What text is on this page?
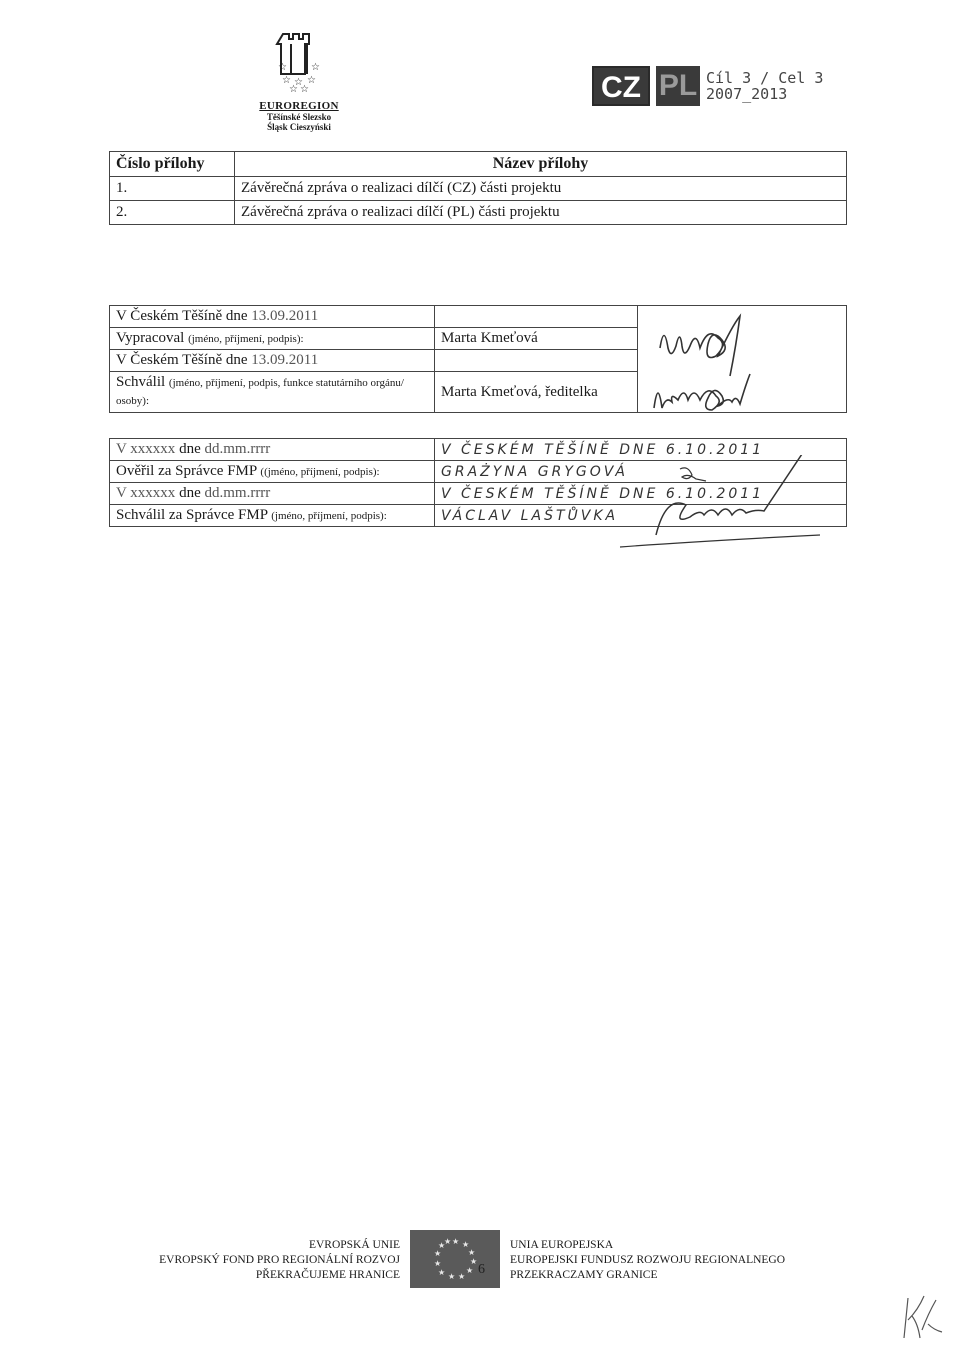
☆ ☆
☆ ☆
☆ ☆
☆
EUROREGION
Těšínské Slezsko
Śląsk Cieszyński
CZ PL Cíl 3 / Cel 3
2007_2013
Číslo přílohy	Název přílohy
1.	Závěrečná zpráva o realizaci dílčí (CZ) části projektu
2.	Závěrečná zpráva o realizaci dílčí (PL) části projektu
V Českém Těšíně dne 13.09.2011		

Vypracoval (jméno, příjmení, podpis):	Marta Kmeťová	
V Českém Těšíně dne 13.09.2011		
Schválil (jméno, příjmení, podpis, funkce statutárního orgánu/ osoby):	Marta Kmeťová, ředitelka	
V xxxxxx dne dd.mm.rrrr	V ČESKÉM TĚŠÍNĚ DNE 6.10.2011
Ověřil za Správce FMP ((jméno, příjmení, podpis):	GRAŻYNA GRYGOVÁ
V xxxxxx dne dd.mm.rrrr	V ČESKÉM TĚŠÍNĚ DNE 6.10.2011
Schválil za Správce FMP (jméno, příjmení, podpis):	VÁCLAV LAŠTŮVKA
EVROPSKÁ UNIE
EVROPSKÝ FOND PRO REGIONÁLNÍ ROZVOJ
PŘEKRAČUJEME HRANICE
★ ★
★
★
★
★
★
★
★
★
★
★
6
UNIA EUROPEJSKA
EUROPEJSKI FUNDUSZ ROZWOJU REGIONALNEGO
PRZEKRACZAMY GRANICE
